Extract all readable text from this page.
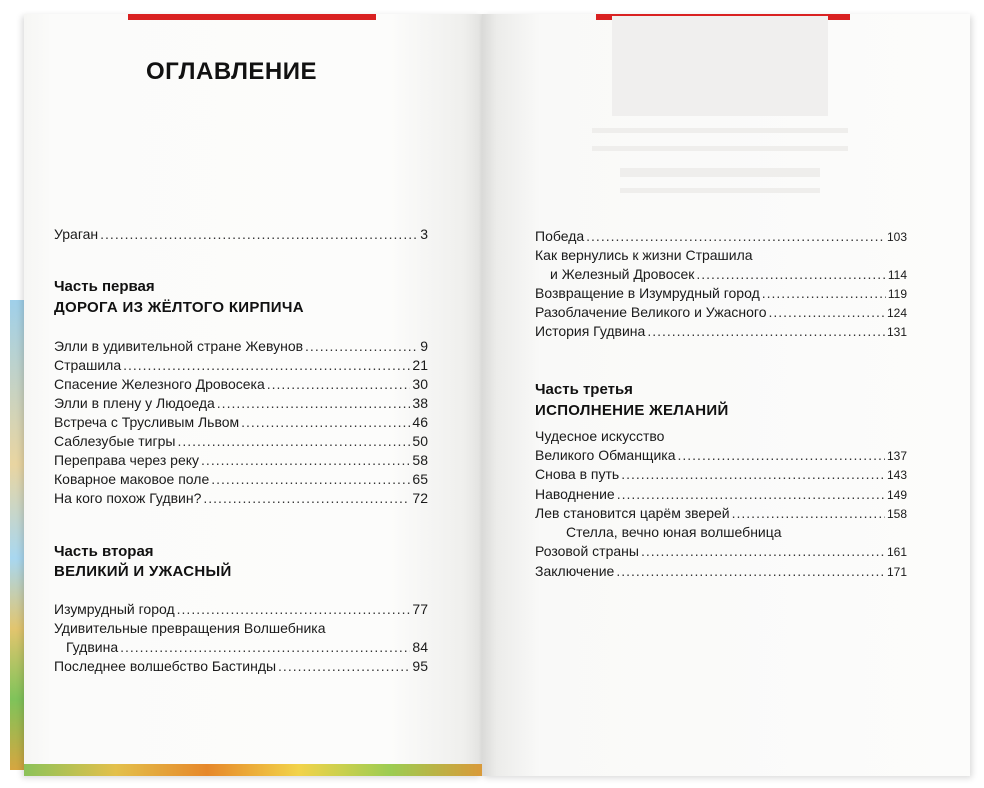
ОГЛАВЛЕНИЕ
Ураган .....	3
Часть первая
ДОРОГА ИЗ ЖЁЛТОГО КИРПИЧА
Элли в удивительной стране Жевунов .....	9
Страшила .....	21
Спасение Железного Дровосека .....	30
Элли в плену у Людоеда .....	38
Встреча с Трусливым Львом .....	46
Саблезубые тигры .....	50
Переправа через реку .....	58
Коварное маковое поле .....	65
На кого похож Гудвин? .....	72
Часть вторая
ВЕЛИКИЙ И УЖАСНЫЙ
Изумрудный город .....	77
Удивительные превращения Волшебника
Гудвина .....	84
Последнее волшебство Бастинды .....	95
Победа .....	103
Как вернулись к жизни Страшила
и Железный Дровосек .....	114
Возвращение в Изумрудный город .....	119
Разоблачение Великого и Ужасного .....	124
История Гудвина .....	131
Часть третья
ИСПОЛНЕНИЕ ЖЕЛАНИЙ
Чудесное искусство
Великого Обманщика .....	137
Снова в путь .....	143
Наводнение .....	149
Лев становится царём зверей .....	158
Стелла, вечно юная волшебница
Розовой страны .....	161
Заключение .....	171
